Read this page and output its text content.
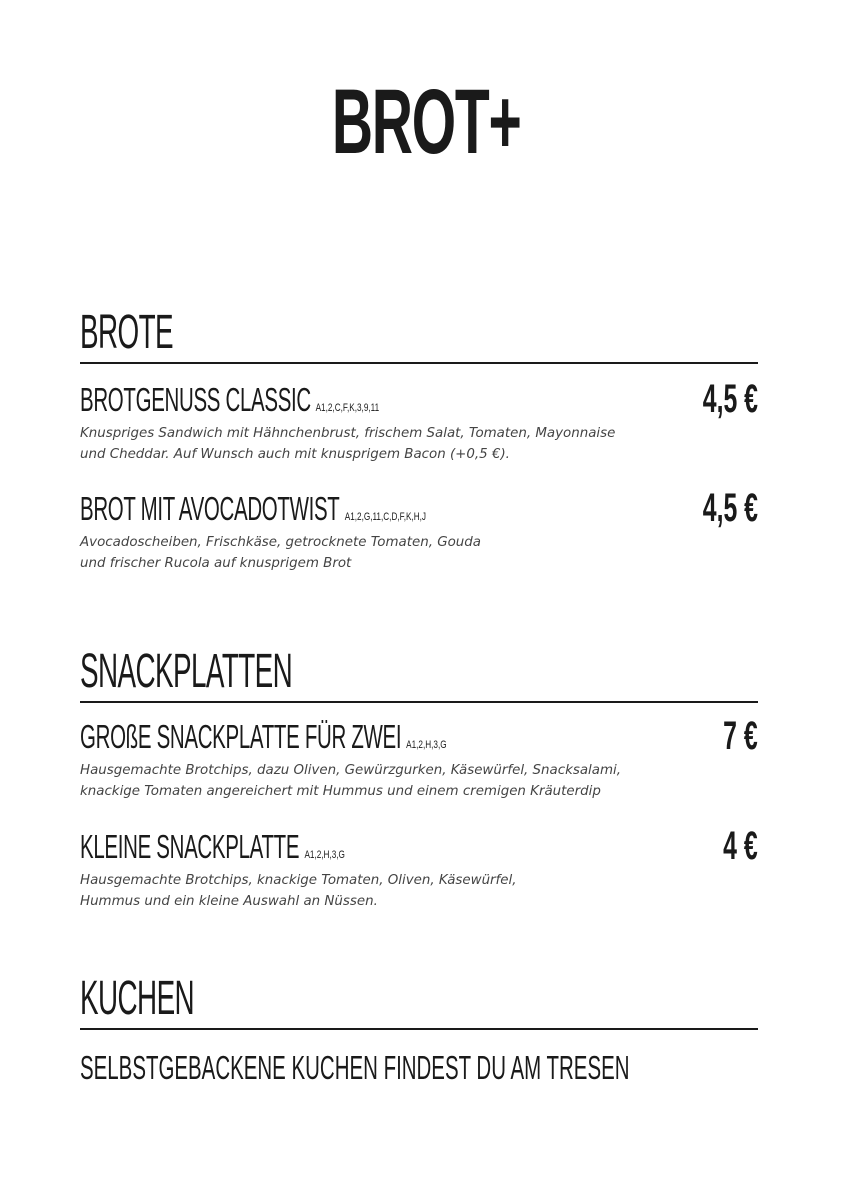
BROT+
BROTE
BROTGENUSS CLASSIC A1,2,C,F,K,3,9,11	4,5 €
Knuspriges Sandwich mit Hähnchenbrust, frischem Salat, Tomaten, Mayonnaise
und Cheddar. Auf Wunsch auch mit knusprigem Bacon (+0,5 €).
BROT MIT AVOCADOTWIST A1,2,G,11,C,D,F,K,H,J	4,5 €
Avocadoscheiben, Frischkäse, getrocknete Tomaten, Gouda
und frischer Rucola auf knusprigem Brot
SNACKPLATTEN
GROßE SNACKPLATTE FÜR ZWEI A1,2,H,3,G	7 €
Hausgemachte Brotchips, dazu Oliven, Gewürzgurken, Käsewürfel, Snacksalami,
knackige Tomaten angereichert mit Hummus und einem cremigen Kräuterdip
KLEINE SNACKPLATTE A1,2,H,3,G	4 €
Hausgemachte Brotchips, knackige Tomaten, Oliven, Käsewürfel,
Hummus und ein kleine Auswahl an Nüssen.
KUCHEN
SELBSTGEBACKENE KUCHEN FINDEST DU AM TRESEN
